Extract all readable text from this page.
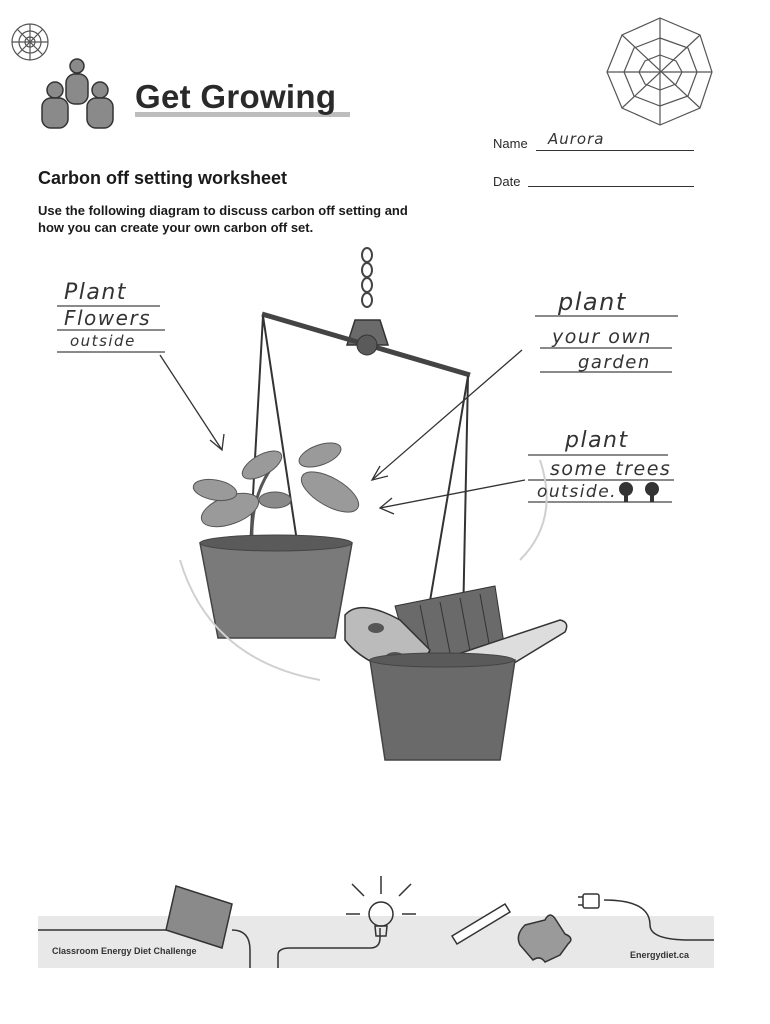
Get Growing
Name Aurora
Date
Carbon off setting worksheet
Use the following diagram to discuss carbon off setting and how you can create your own carbon off set.
Plant
Flowers
outside
plant
your own
garden
plant
some trees
outside.
Classroom Energy Diet Challenge	Energydiet.ca
